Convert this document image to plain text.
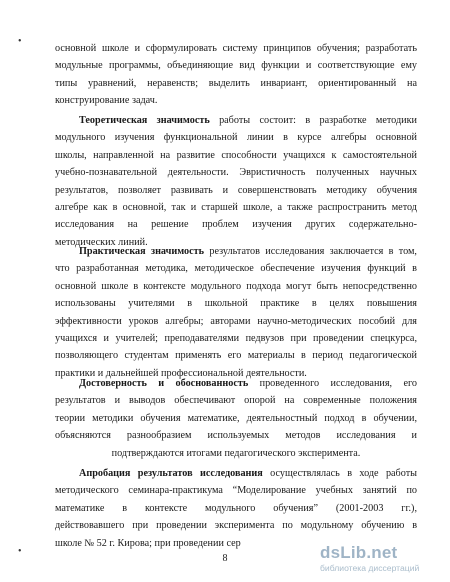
•
•
основной школе и сформулировать систему принципов обучения; разработать
модульные программы, объединяющие вид функции и соответствующие ему
типы уравнений, неравенств; выделить инвариант, ориентированный на
конструирование задач.
Теоретическая значимость работы состоит: в разработке методики
модульного изучения функциональной линии в курсе алгебры основной
школы, направленной на развитие способности учащихся к самостоятельной
учебно-познавательной деятельности. Эвристичность полученных научных
результатов, позволяет развивать и совершенствовать методику обучения
алгебре как в основной, так и старшей школе, а также распространить метод
исследования на решение проблем изучения других содержательно-
методических линий.
Практическая значимость результатов исследования заключается в том,
что разработанная методика, методическое обеспечение изучения функций в
основной школе в контексте модульного подхода могут быть непосредственно
использованы учителями в школьной практике в целях повышения
эффективности уроков алгебры; авторами научно-методических пособий для
учащихся и учителей; преподавателями педвузов при проведении спецкурса,
позволяющего студентам применять его материалы в период педагогической
практики и дальнейшей профессиональной деятельности.
Достоверность и обоснованность проведенного исследования, его
результатов и выводов обеспечивают опорой на современные положения
теории методики обучения математике, деятельностный подход в обучении,
объясняются разнообразием используемых методов исследования и
подтверждаются итогами педагогического эксперимента.
Апробация результатов исследования осуществлялась в ходе работы
методического семинара-практикума “Моделирование учебных занятий по
математике в контексте модульного обучения” (2001-2003 гг.),
действовавшего при проведении эксперимента по модульному обучению в
школе № 52 г. Кирова; при проведении сер
8	dsLib.net
библиотека диссертаций
